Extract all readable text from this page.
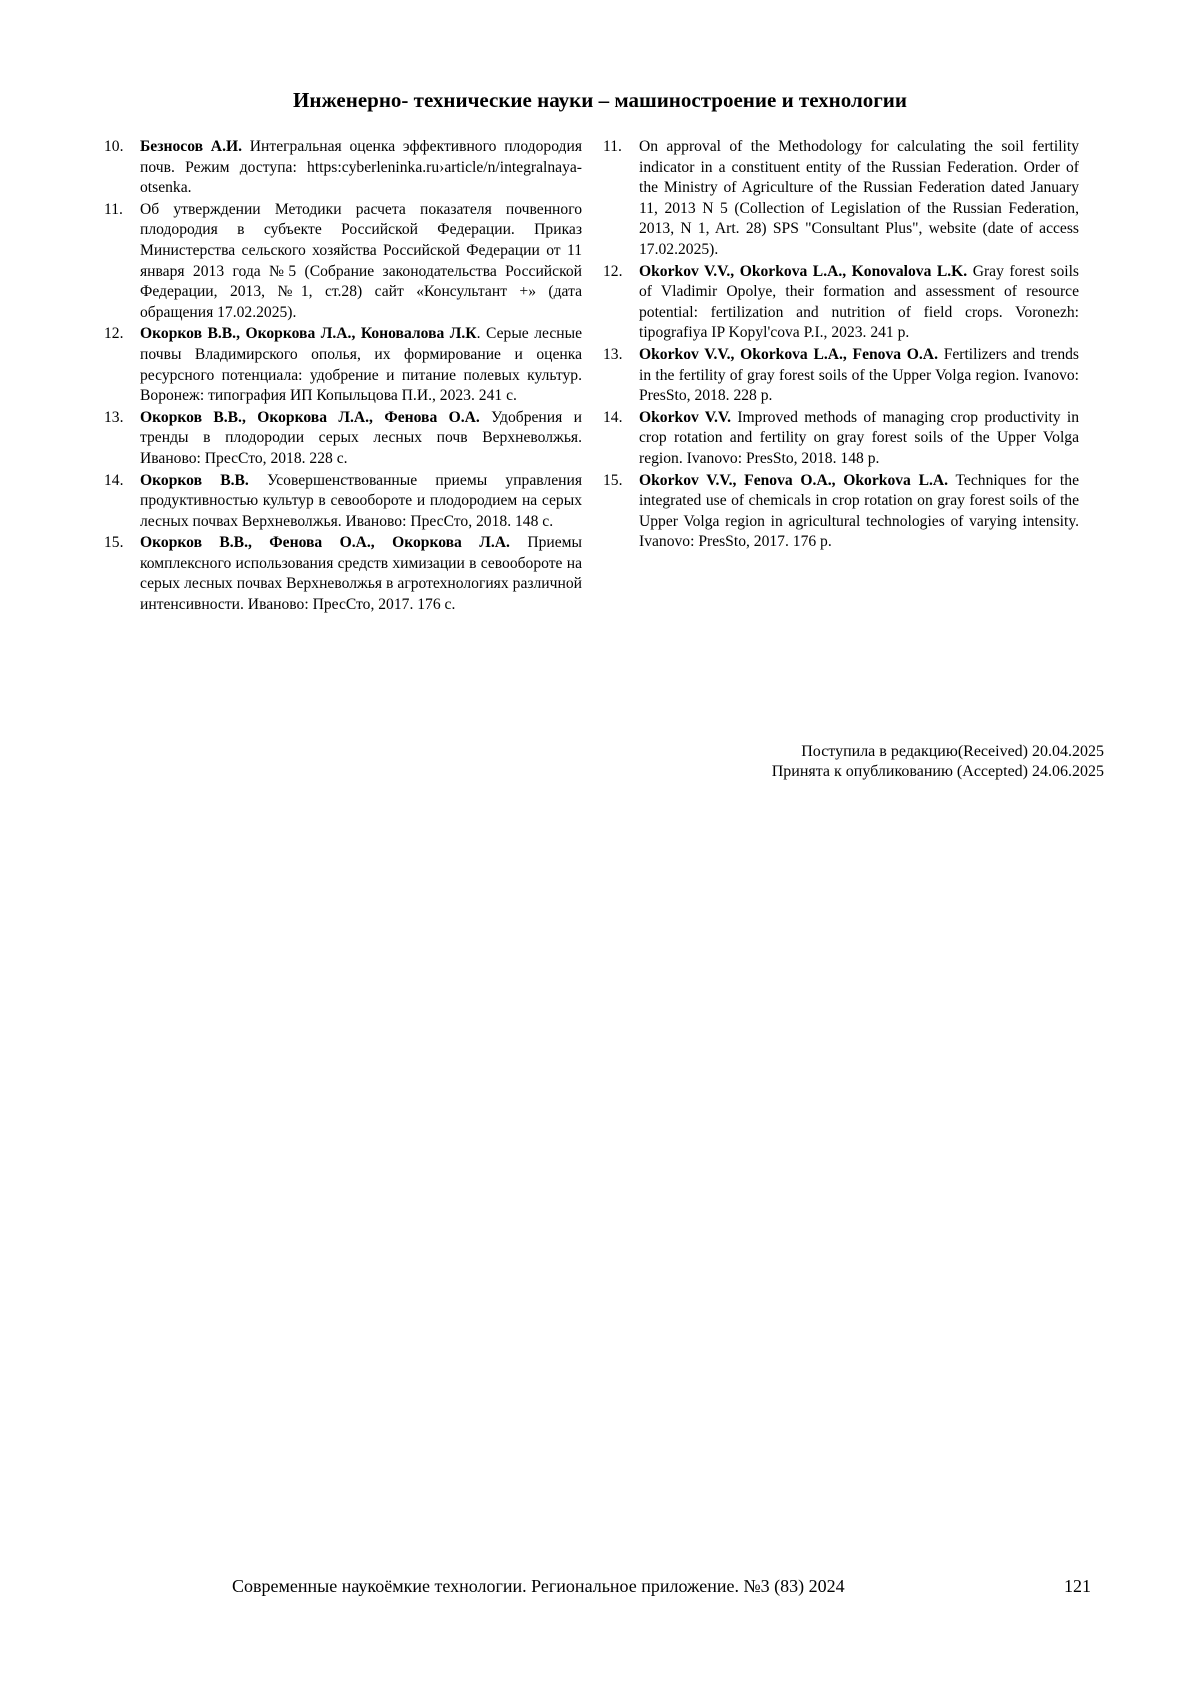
Инженерно- технические науки – машиностроение и технологии
10. Безносов А.И. Интегральная оценка эффективного плодородия почв. Режим доступа: https:cyberleninka.ru›article/n/integralnaya-otsenka.
11. Об утверждении Методики расчета показателя почвенного плодородия в субъекте Российской Федерации. Приказ Министерства сельского хозяйства Российской Федерации от 11 января 2013 года №5 (Собрание законодательства Российской Федерации, 2013, №1, ст.28) сайт «Консультант +» (дата обращения 17.02.2025).
12. Окорков В.В., Окоркова Л.А., Коновалова Л.К. Серые лесные почвы Владимирского ополья, их формирование и оценка ресурсного потенциала: удобрение и питание полевых культур. Воронеж: типография ИП Копыльцова П.И., 2023. 241 с.
13. Окорков В.В., Окоркова Л.А., Фенова О.А. Удобрения и тренды в плодородии серых лесных почв Верхневолжья. Иваново: ПресСто, 2018. 228 с.
14. Окорков В.В. Усовершенствованные приемы управления продуктивностью культур в севообороте и плодородием на серых лесных почвах Верхневолжья. Иваново: ПресСто, 2018. 148 с.
15. Окорков В.В., Фенова О.А., Окоркова Л.А. Приемы комплексного использования средств химизации в севообороте на серых лесных почвах Верхневолжья в агротехнологиях различной интенсивности. Иваново: ПресСто, 2017. 176 с.
11. On approval of the Methodology for calculating the soil fertility indicator in a constituent entity of the Russian Federation. Order of the Ministry of Agriculture of the Russian Federation dated January 11, 2013 N 5 (Collection of Legislation of the Russian Federation, 2013, N 1, Art. 28) SPS "Consultant Plus", website (date of access 17.02.2025).
12. Okorkov V.V., Okorkova L.A., Konovalova L.K. Gray forest soils of Vladimir Opolye, their formation and assessment of resource potential: fertilization and nutrition of field crops. Voronezh: tipografiya IP Kopyl'cova P.I., 2023. 241 p.
13. Okorkov V.V., Okorkova L.A., Fenova O.A. Fertilizers and trends in the fertility of gray forest soils of the Upper Volga region. Ivanovo: PresSto, 2018. 228 p.
14. Okorkov V.V. Improved methods of managing crop productivity in crop rotation and fertility on gray forest soils of the Upper Volga region. Ivanovo: PresSto, 2018. 148 p.
15. Okorkov V.V., Fenova O.A., Okorkova L.A. Techniques for the integrated use of chemicals in crop rotation on gray forest soils of the Upper Volga region in agricultural technologies of varying intensity. Ivanovo: PresSto, 2017. 176 p.
Поступила в редакцию(Received) 20.04.2025
Принята к опубликованию (Accepted) 24.06.2025
Современные наукоёмкие технологии. Региональное приложение. №3 (83) 2024	121
